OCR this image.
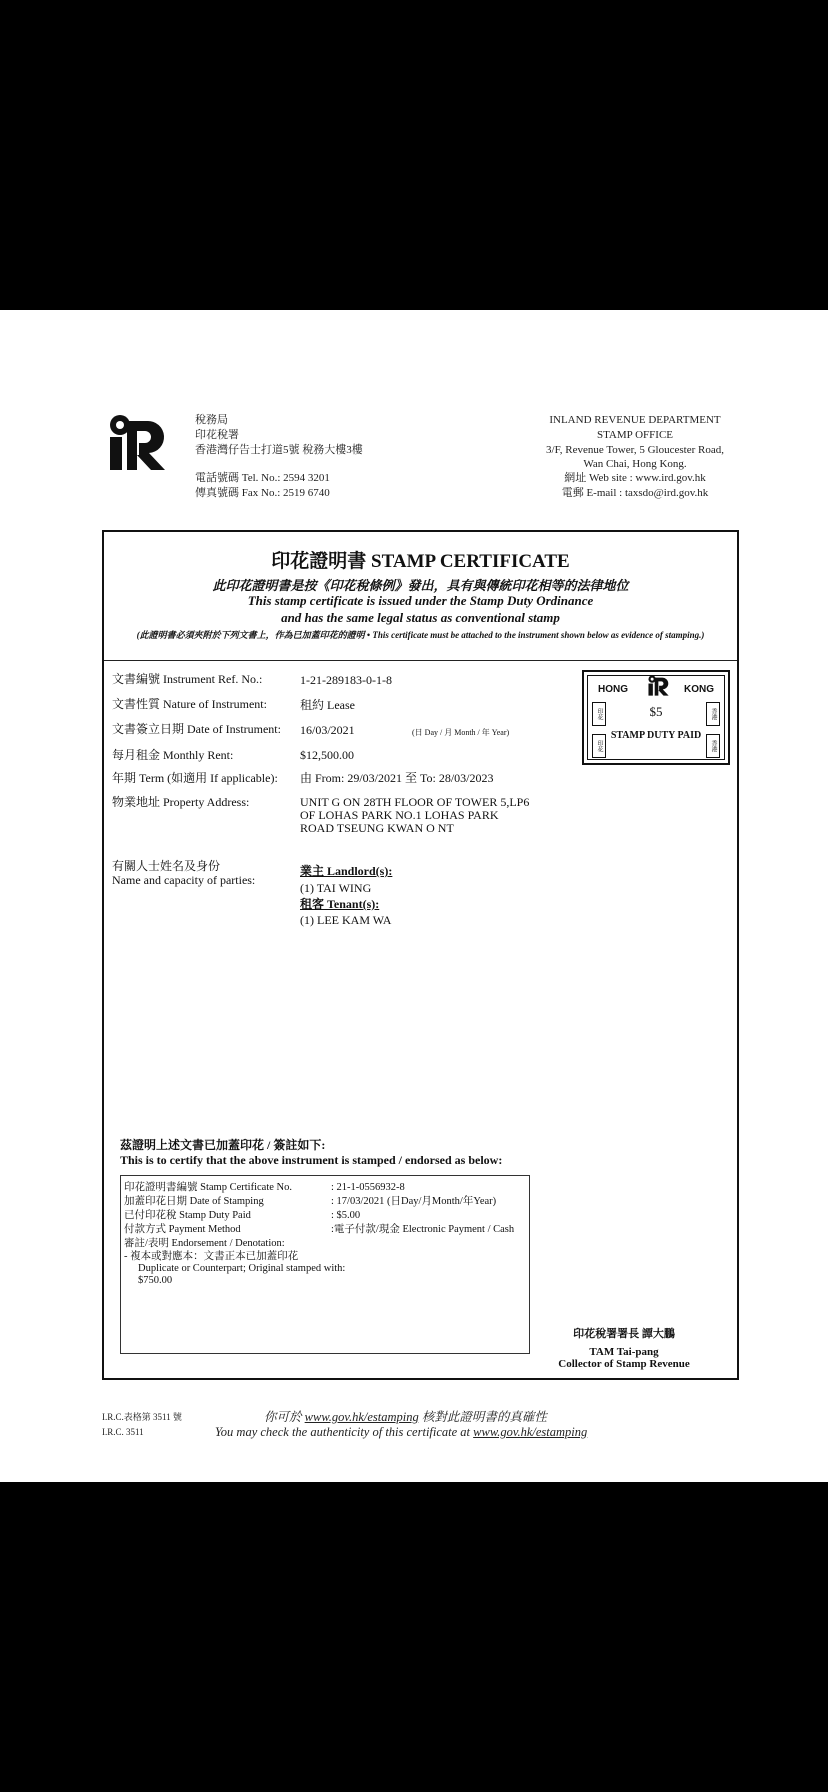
稅務局
印花稅署
香港灣仔告士打道5號 稅務大樓3樓
電話號碼 Tel. No.: 2594 3201
傳真號碼 Fax No.: 2519 6740
INLAND REVENUE DEPARTMENT
STAMP OFFICE
3/F, Revenue Tower, 5 Gloucester Road,
Wan Chai, Hong Kong.
網址 Web site : www.ird.gov.hk
電郵 E-mail : taxsdo@ird.gov.hk
印花證明書 STAMP CERTIFICATE
此印花證明書是按《印花稅條例》發出，具有與傳統印花相等的法律地位
This stamp certificate is issued under the Stamp Duty Ordinance
and has the same legal status as conventional stamp
(此證明書必須夾附於下列文書上，作為已加蓋印花的證明 • This certificate must be attached to the instrument shown below as evidence of stamping.)
文書編號 Instrument Ref. No.:	1-21-289183-0-1-8
文書性質 Nature of Instrument:	租約 Lease
文書簽立日期 Date of Instrument: 16/03/2021	(日 Day / 月 Month / 年 Year)
每月租金 Monthly Rent:	$12,500.00
年期 Term (如適用 If applicable): 由 From: 29/03/2021 至 To: 28/03/2023
物業地址 Property Address:	UNIT G ON 28TH FLOOR OF TOWER 5,LP6 OF LOHAS PARK NO.1 LOHAS PARK ROAD TSEUNG KWAN O NT
有關人士姓名及身份
Name and capacity of parties:
業主 Landlord(s):
(1) TAI WING
租客 Tenant(s):
(1) LEE KAM WA
HONG	KONG
$5
STAMP DUTY PAID
印花	香港
印花	香港
茲證明上述文書已加蓋印花 / 簽註如下:
This is to certify that the above instrument is stamped / endorsed as below:
印花證明書編號 Stamp Certificate No.	: 21-1-0556932-8
加蓋印花日期 Date of Stamping	: 17/03/2021 (日Day/月Month/年Year)
已付印花稅 Stamp Duty Paid	: $5.00
付款方式 Payment Method	:電子付款/現金 Electronic Payment / Cash
審註/表明 Endorsement / Denotation:
- 複本或對應本：文書正本已加蓋印花
Duplicate or Counterpart; Original stamped with:
$750.00
印花稅署署長 譚大鵬
TAM Tai-pang
Collector of Stamp Revenue
I.R.C.表格第 3511 號
I.R.C. 3511
你可於 www.gov.hk/estamping 核對此證明書的真確性
You may check the authenticity of this certificate at www.gov.hk/estamping
